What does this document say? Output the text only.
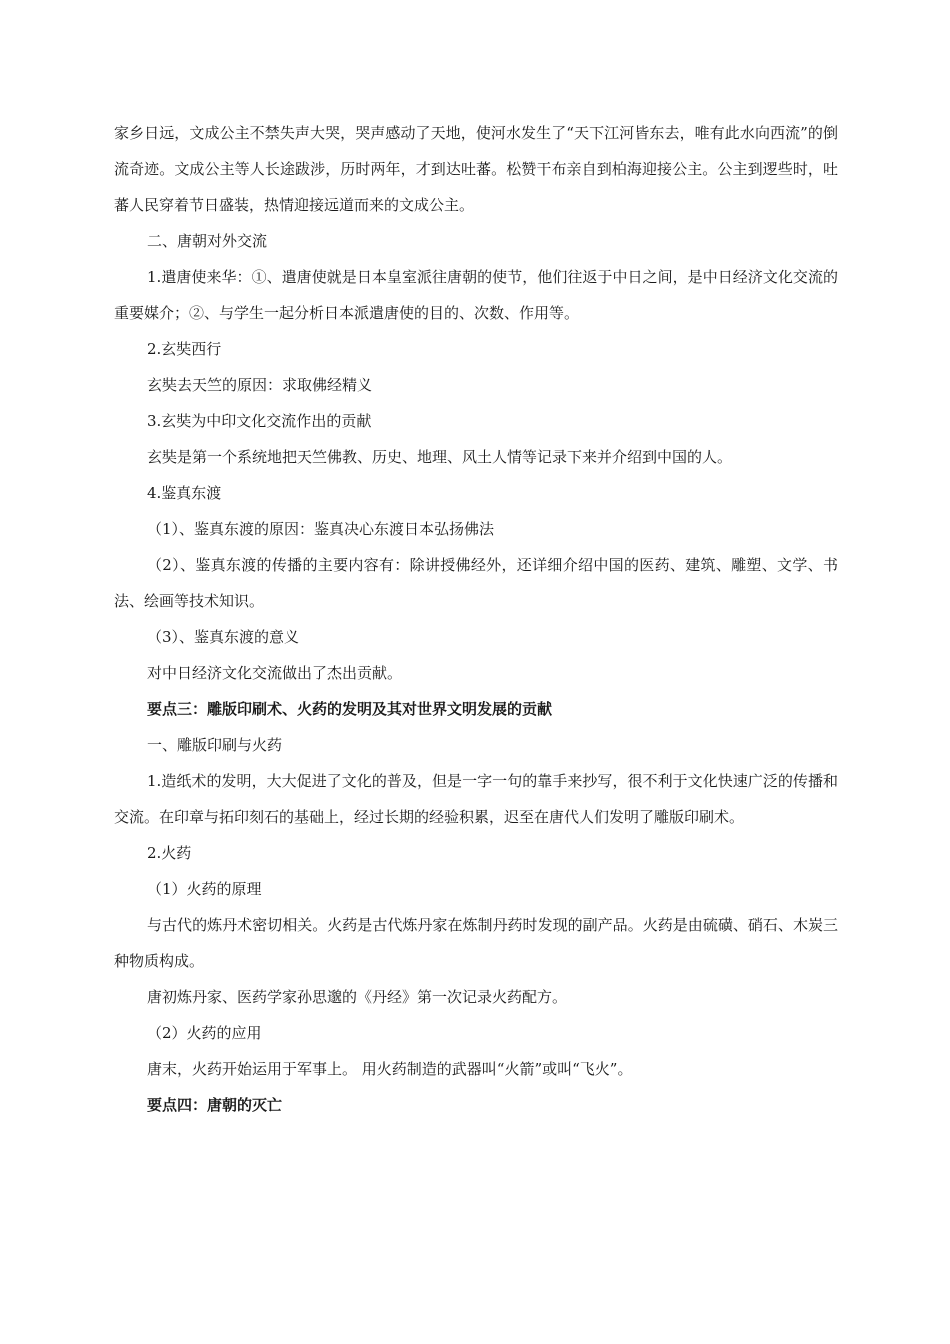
家乡日远，文成公主不禁失声大哭，哭声感动了天地，使河水发生了“天下江河皆东去，唯有此水向西流”的倒流奇迹。文成公主等人长途跋涉，历时两年，才到达吐蕃。松赞干布亲自到柏海迎接公主。公主到逻些时，吐蕃人民穿着节日盛装，热情迎接远道而来的文成公主。

二、唐朝对外交流

1.遣唐使来华：①、遣唐使就是日本皇室派往唐朝的使节，他们往返于中日之间，是中日经济文化交流的重要媒介；②、与学生一起分析日本派遣唐使的目的、次数、作用等。

2.玄奘西行

玄奘去天竺的原因：求取佛经精义

3.玄奘为中印文化交流作出的贡献

玄奘是第一个系统地把天竺佛教、历史、地理、风土人情等记录下来并介绍到中国的人。

4.鉴真东渡

（1）、鉴真东渡的原因：鉴真决心东渡日本弘扬佛法

（2）、鉴真东渡的传播的主要内容有：除讲授佛经外，还详细介绍中国的医药、建筑、雕塑、文学、书法、绘画等技术知识。

（3）、鉴真东渡的意义

对中日经济文化交流做出了杰出贡献。

要点三：雕版印刷术、火药的发明及其对世界文明发展的贡献

一、雕版印刷与火药

1.造纸术的发明，大大促进了文化的普及，但是一字一句的靠手来抄写，很不利于文化快速广泛的传播和交流。在印章与拓印刻石的基础上，经过长期的经验积累，迟至在唐代人们发明了雕版印刷术。

2.火药

（1）火药的原理

与古代的炼丹术密切相关。火药是古代炼丹家在炼制丹药时发现的副产品。火药是由硫磺、硝石、木炭三种物质构成。

唐初炼丹家、医药学家孙思邈的《丹经》第一次记录火药配方。

（2）火药的应用

唐末，火药开始运用于军事上。 用火药制造的武器叫“火箭”或叫“飞火”。

要点四：唐朝的灭亡
